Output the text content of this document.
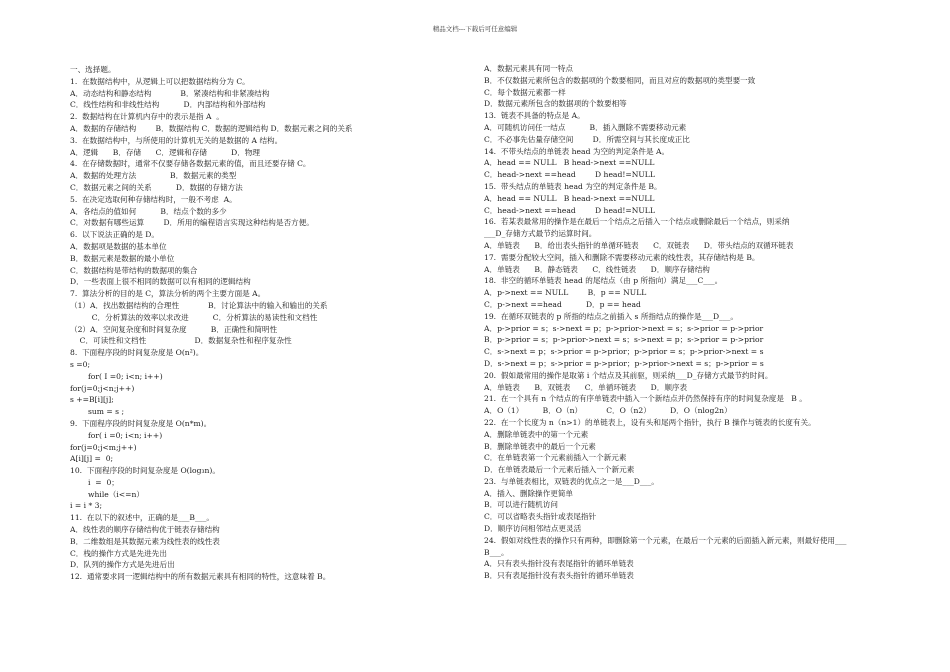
精品文档---下载后可任意编辑
一、选择题。
1.  在数据结构中，从逻辑上可以把数据结构分为 C。
A．动态结构和静态结构            B．紧凑结构和非紧凑结构
C．线性结构和非线性结构          D．内部结构和外部结构
2.  数据结构在计算机内存中的表示是指 A  。
A．数据的存储结构        B．数据结构 C．数据的逻辑结构 D．数据元素之间的关系
3.  在数据结构中，与所使用的计算机无关的是数据的 A 结构。
A．逻辑      B．存储      C．逻辑和存储          D．物理
4.  在存储数据时，通常不仅要存储各数据元素的值，而且还要存储 C。
A．数据的处理方法              B．数据元素的类型
C．数据元素之间的关系          D．数据的存储方法
5.  在决定选取何种存储结构时，一般不考虑  A。
A．各结点的值如何          B．结点个数的多少
C．对数据有哪些运算        D．所用的编程语言实现这种结构是否方便。
6.  以下说法正确的是 D。
A．数据项是数据的基本单位
B．数据元素是数据的最小单位
C．数据结构是带结构的数据项的集合
D．一些表面上很不相同的数据可以有相同的逻辑结构
7.  算法分析的目的是 C，算法分析的两个主要方面是 A。
（1）A．找出数据结构的合理性            B．讨论算法中的输入和输出的关系
C．分析算法的效率以求改进          C．分析算法的易读性和文档性
（2）A．空间复杂度和时间复杂度          B．正确性和简明性
C．可读性和文档性                    D．数据复杂性和程序复杂性
8.  下面程序段的时间复杂度是 O(n²)。
s =0;
for( I =0; i<n; i++)
for(j=0;j<n;j++)
s +=B[i][j];
sum = s ;
9.  下面程序段的时间复杂度是 O(n*m)。
for( i =0; i<n; i++)
for(j=0;j<m;j++)
A[i][j] =  0;
10.  下面程序段的时间复杂度是 O(log₃n)。
i  =  0；
while（i<=n）
i = i * 3;
11.  在以下的叙述中，正确的是___B___。
A．线性表的顺序存储结构优于链表存储结构
B．二维数组是其数据元素为线性表的线性表
C．栈的操作方式是先进先出
D．队列的操作方式是先进后出
12.  通常要求同一逻辑结构中的所有数据元素具有相同的特性，这意味着 B。
A．数据元素具有同一特点
B．不仅数据元素所包含的数据项的个数要相同，而且对应的数据项的类型要一致
C．每个数据元素都一样
D．数据元素所包含的数据项的个数要相等
13.  链表不具备的特点是 A。
A．可随机访问任一结点          B．插入删除不需要移动元素
C．不必事先估量存储空间        D．所需空间与其长度成正比
14.  不带头结点的单链表 head 为空的判定条件是 A。
A．head == NULL   B head->next ==NULL
C．head->next ==head        D head!=NULL
15.  带头结点的单链表 head 为空的判定条件是 B。
A．head == NULL   B head->next ==NULL
C．head->next ==head        D head!=NULL
16.  若某表最常用的操作是在最后一个结点之后插入一个结点或删除最后一个结点，则采纳
___D_存储方式最节约运算时间。
A．单链表      B．给出表头指针的单循环链表      C．双链表      D．带头结点的双循环链表
17.  需要分配较大空间，插入和删除不需要移动元素的线性表，其存储结构是 B。
A．单链表      B．静态链表      C．线性链表      D．顺序存储结构
18.  非空的循环单链表 head 的尾结点（由 p 所指向）满足___C___。
A．p->next == NULL        B．p == NULL
C．p->next ==head          D．p == head
19.  在循环双链表的 p 所指的结点之前插入 s 所指结点的操作是___D___。
A．p->prior = s；s->next = p；p->prior->next = s；s->prior = p->prior
B．p->prior = s；p->prior->next = s；s->next = p；s->prior = p->prior
C．s->next = p；s->prior = p->prior；p->prior = s；p->prior->next = s
D．s->next = p；s->prior = p->prior；p->prior->next = s；p->prior = s
20.  假如最常用的操作是取第 i 个结点及其前驱，则采纳___D_存储方式最节约时间。
A．单链表      B．双链表      C．单循环链表      D．顺序表
21.  在一个具有 n 个结点的有序单链表中插入一个新结点并仍然保持有序的时间复杂度是   B 。
A．O（1）        B．O（n）          C．O（n2）        D．O（nlog2n）
22.  在一个长度为 n（n>1）的单链表上，设有头和尾两个指针，执行 B 操作与链表的长度有关。
A．删除单链表中的第一个元素
B．删除单链表中的最后一个元素
C．在单链表第一个元素前插入一个新元素
D．在单链表最后一个元素后插入一个新元素
23.  与单链表相比，双链表的优点之一是___D___。
A．插入、删除操作更简单
B．可以进行随机访问
C．可以省略表头指针或表尾指针
D．顺序访问相邻结点更灵活
24.  假如对线性表的操作只有两种，即删除第一个元素，在最后一个元素的后面插入新元素，则最好使用___
B___。
A．只有表头指针没有表尾指针的循环单链表
B．只有表尾指针没有表头指针的循环单链表
